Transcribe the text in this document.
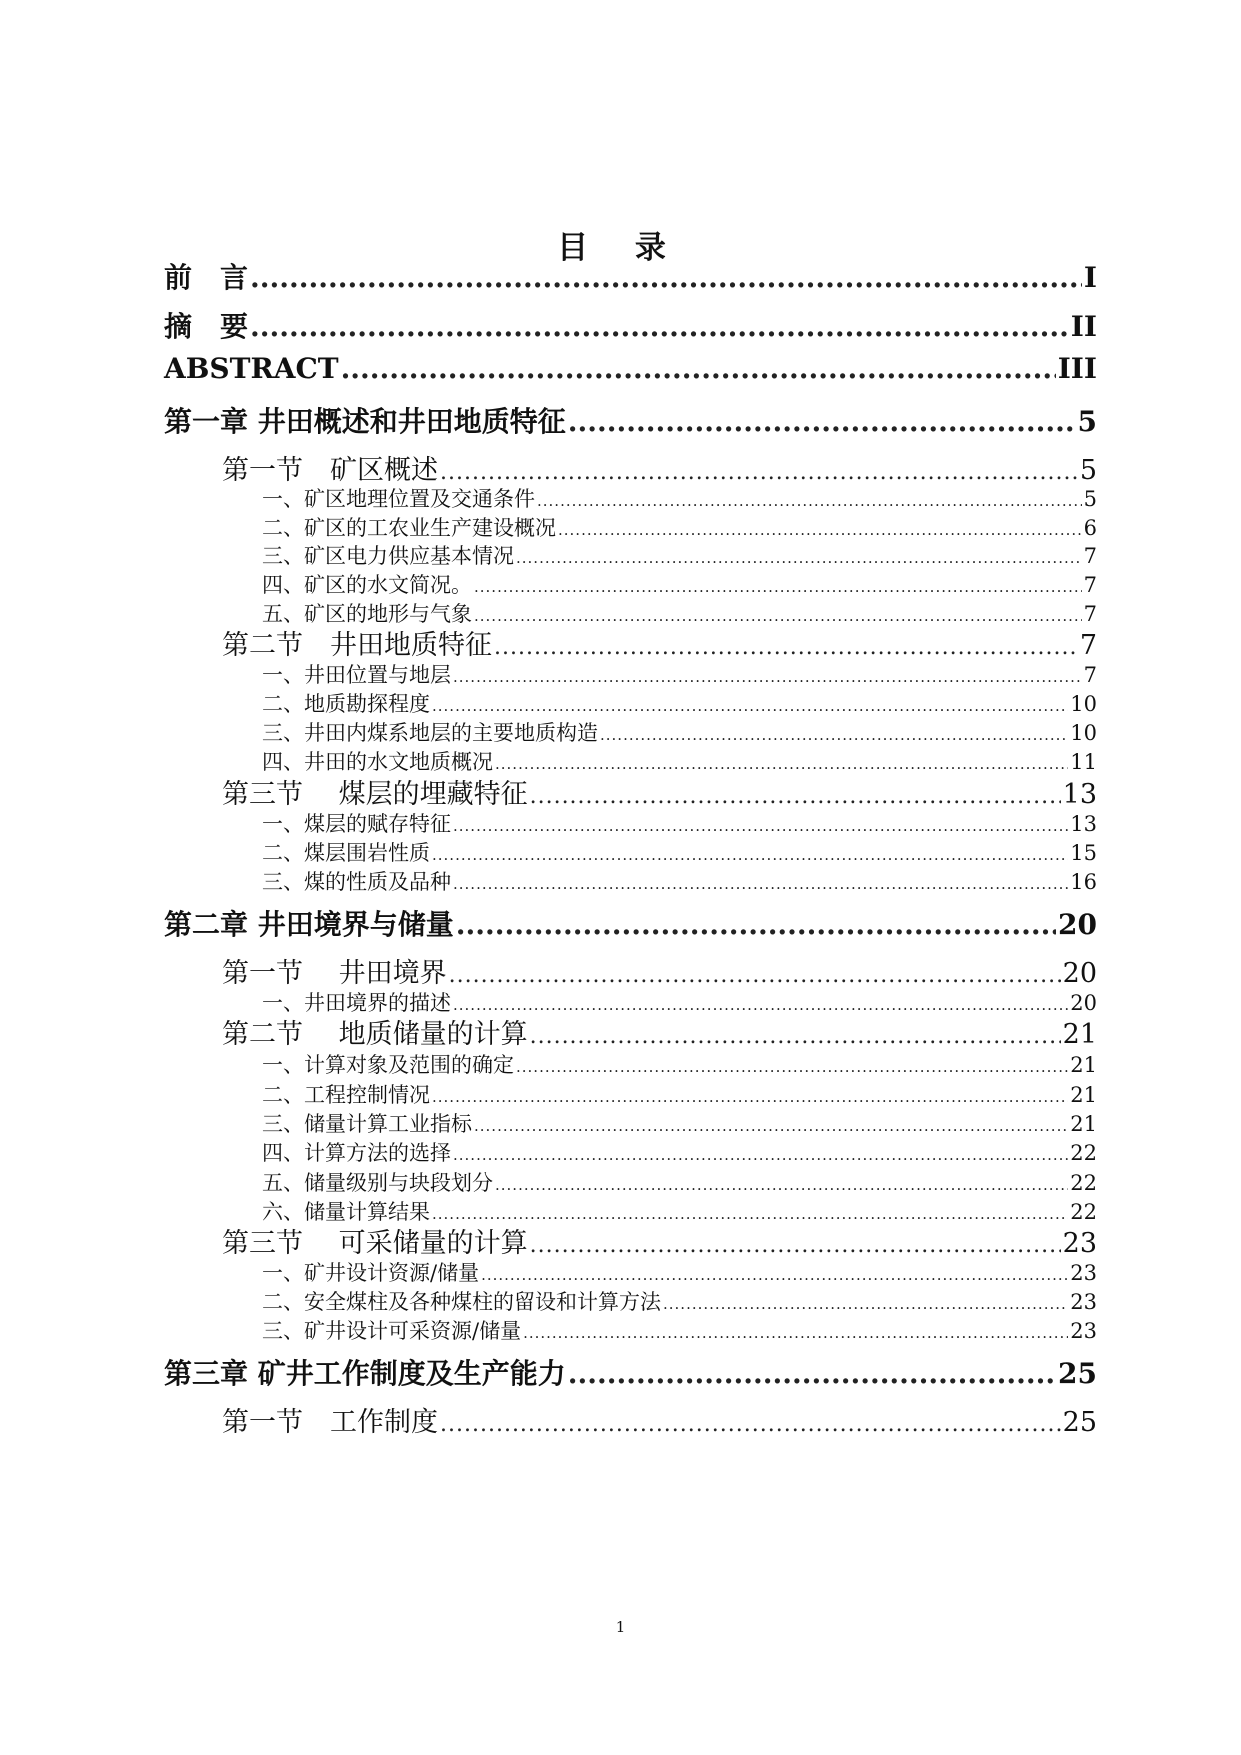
目 录
前　言 .....	I
摘　要 .....	II
ABSTRACT .....	III
第一章 井田概述和井田地质特征 .....	5
第一节　矿区概述 .....	5
一、矿区地理位置及交通条件 .....	5
二、矿区的工农业生产建设概况 .....	6
三、矿区电力供应基本情况 .....	7
四、矿区的水文简况。 .....	7
五、矿区的地形与气象 .....	7
第二节　井田地质特征 .....	7
一、井田位置与地层 .....	7
二、地质勘探程度 .....	10
三、井田内煤系地层的主要地质构造 .....	10
四、井田的水文地质概况 .....	11
第三节　 煤层的埋藏特征 .....	13
一、煤层的赋存特征 .....	13
二、煤层围岩性质 .....	15
三、煤的性质及品种 .....	16
第二章 井田境界与储量 .....	20
第一节　 井田境界 .....	20
一、井田境界的描述 .....	20
第二节　 地质储量的计算 .....	21
一、计算对象及范围的确定 .....	21
二、工程控制情况 .....	21
三、储量计算工业指标 .....	21
四、计算方法的选择 .....	22
五、储量级别与块段划分 .....	22
六、储量计算结果 .....	22
第三节　 可采储量的计算 .....	23
一、矿井设计资源/储量 .....	23
二、安全煤柱及各种煤柱的留设和计算方法 .....	23
三、矿井设计可采资源/储量 .....	23
第三章 矿井工作制度及生产能力 .....	25
第一节　工作制度 .....	25
1
